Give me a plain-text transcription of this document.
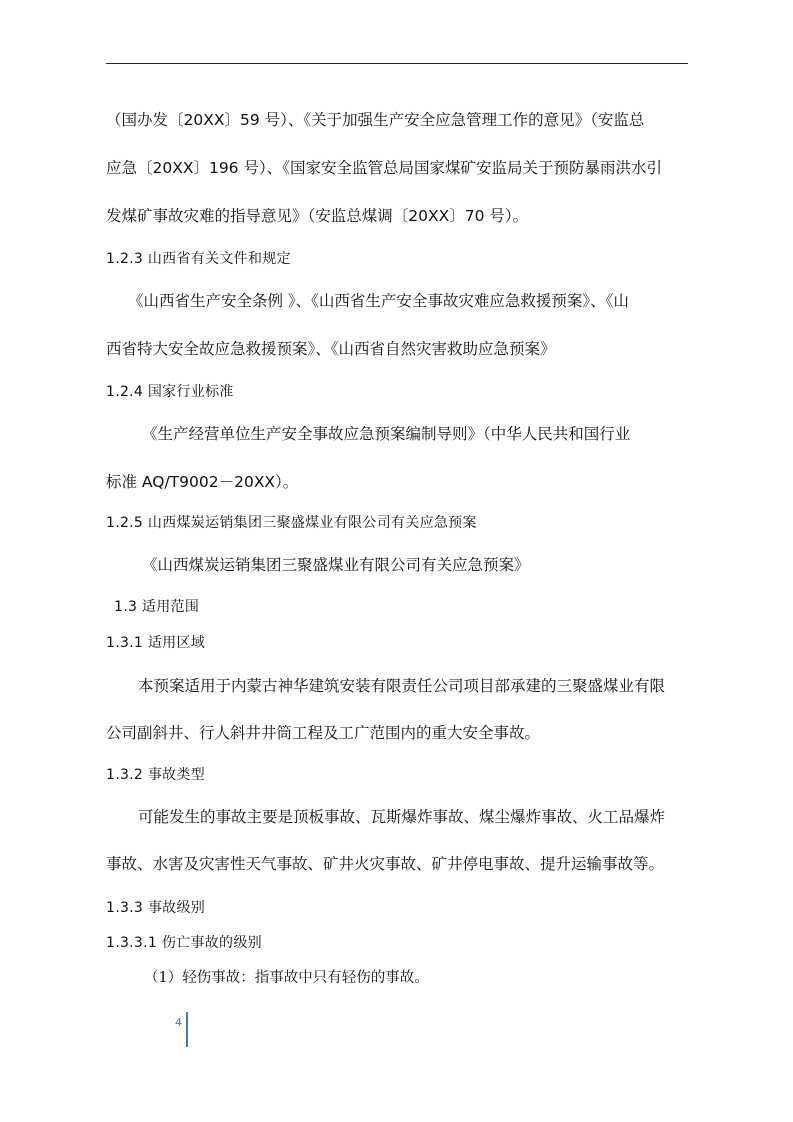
（国办发〔20XX〕59 号）、《关于加强生产安全应急管理工作的意见》（安监总
应急〔20XX〕196 号）、《国家安全监管总局国家煤矿安监局关于预防暴雨洪水引
发煤矿事故灾难的指导意见》（安监总煤调〔20XX〕70 号）。
1.2.3 山西省有关文件和规定
《山西省生产安全条例 》、《山西省生产安全事故灾难应急救援预案》、《山
西省特大安全故应急救援预案》、《山西省自然灾害救助应急预案》
1.2.4 国家行业标准
《生产经营单位生产安全事故应急预案编制导则》（中华人民共和国行业
标准 AQ/T9002－20XX）。
1.2.5 山西煤炭运销集团三聚盛煤业有限公司有关应急预案
《山西煤炭运销集团三聚盛煤业有限公司有关应急预案》
1.3 适用范围
1.3.1 适用区域
本预案适用于内蒙古神华建筑安装有限责任公司项目部承建的三聚盛煤业有限
公司副斜井、行人斜井井筒工程及工广范围内的重大安全事故。
1.3.2 事故类型
可能发生的事故主要是顶板事故、瓦斯爆炸事故、煤尘爆炸事故、火工品爆炸
事故、水害及灾害性天气事故、矿井火灾事故、矿井停电事故、提升运输事故等。
1.3.3 事故级别
1.3.3.1 伤亡事故的级别
（1）轻伤事故：指事故中只有轻伤的事故。
4
